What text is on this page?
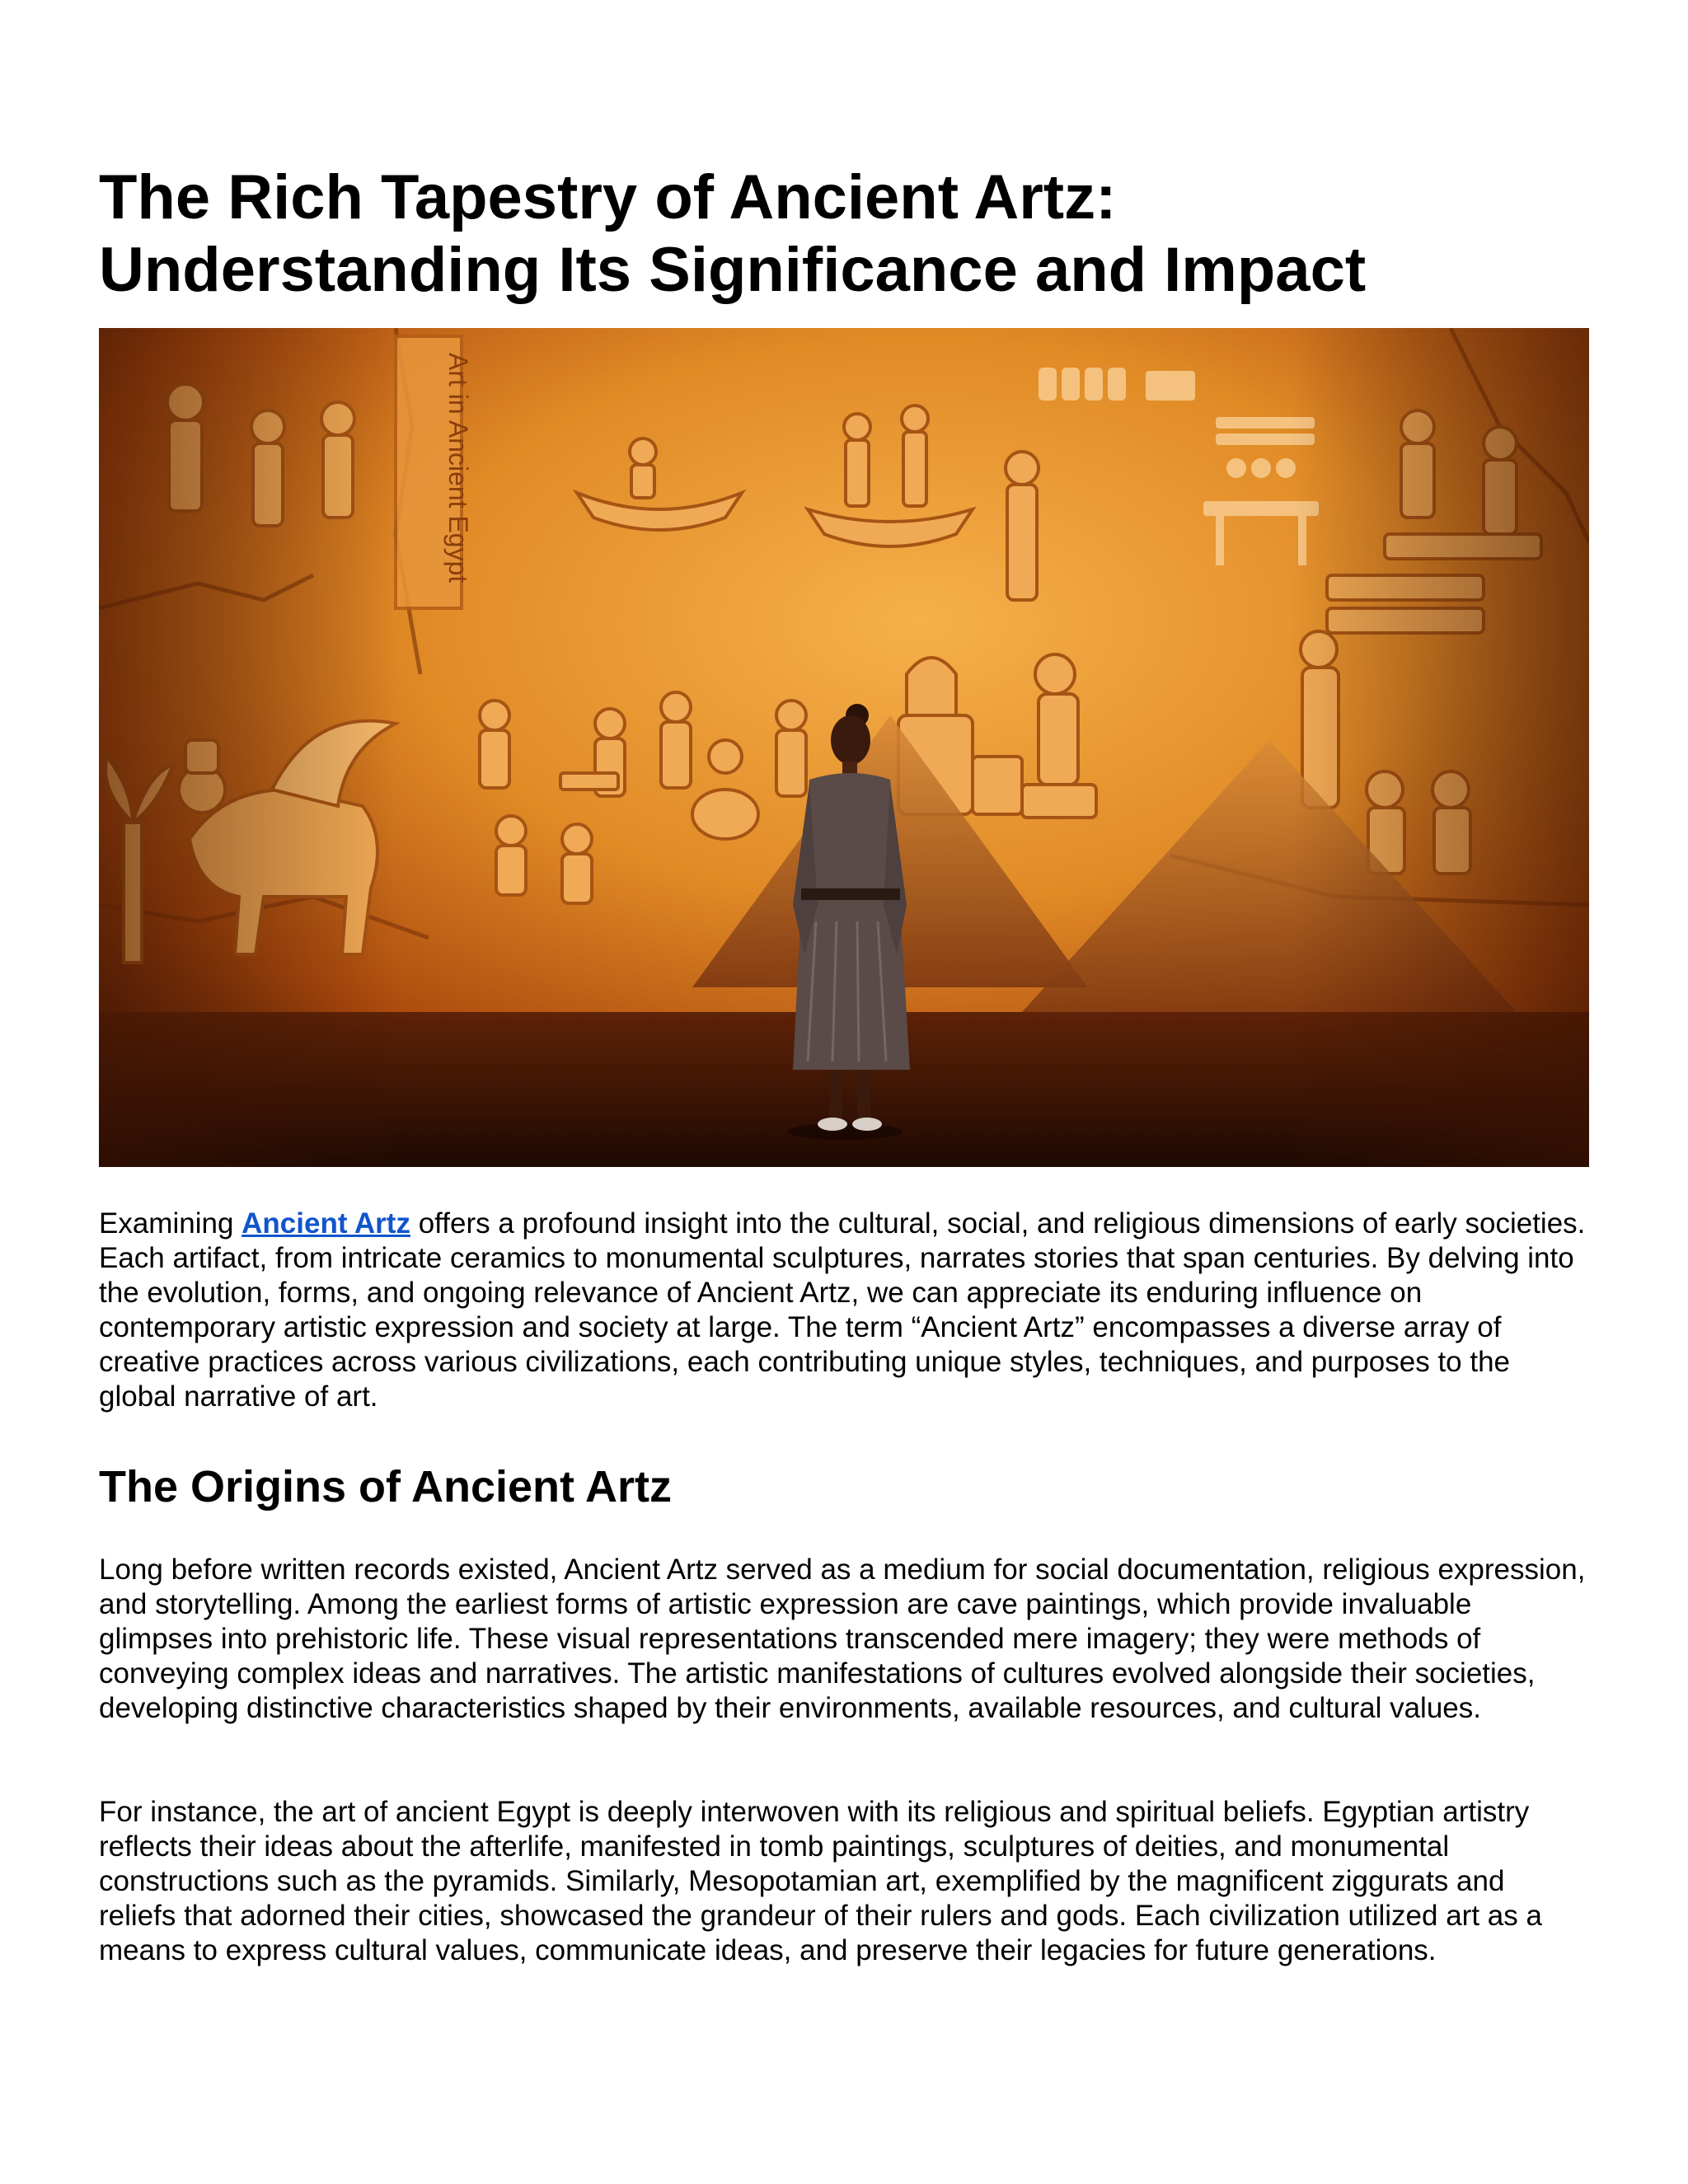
The Rich Tapestry of Ancient Artz:
Understanding Its Significance and Impact

Examining Ancient Artz offers a profound insight into the cultural, social, and religious dimensions of early societies. Each artifact, from intricate ceramics to monumental sculptures, narrates stories that span centuries. By delving into the evolution, forms, and ongoing relevance of Ancient Artz, we can appreciate its enduring influence on contemporary artistic expression and society at large. The term “Ancient Artz” encompasses a diverse array of creative practices across various civilizations, each contributing unique styles, techniques, and purposes to the global narrative of art.

The Origins of Ancient Artz

Long before written records existed, Ancient Artz served as a medium for social documentation, religious expression, and storytelling. Among the earliest forms of artistic expression are cave paintings, which provide invaluable glimpses into prehistoric life. These visual representations transcended mere imagery; they were methods of conveying complex ideas and narratives. The artistic manifestations of cultures evolved alongside their societies, developing distinctive characteristics shaped by their environments, available resources, and cultural values.

For instance, the art of ancient Egypt is deeply interwoven with its religious and spiritual beliefs. Egyptian artistry reflects their ideas about the afterlife, manifested in tomb paintings, sculptures of deities, and monumental constructions such as the pyramids. Similarly, Mesopotamian art, exemplified by the magnificent ziggurats and reliefs that adorned their cities, showcased the grandeur of their rulers and gods. Each civilization utilized art as a means to express cultural values, communicate ideas, and preserve their legacies for future generations.
